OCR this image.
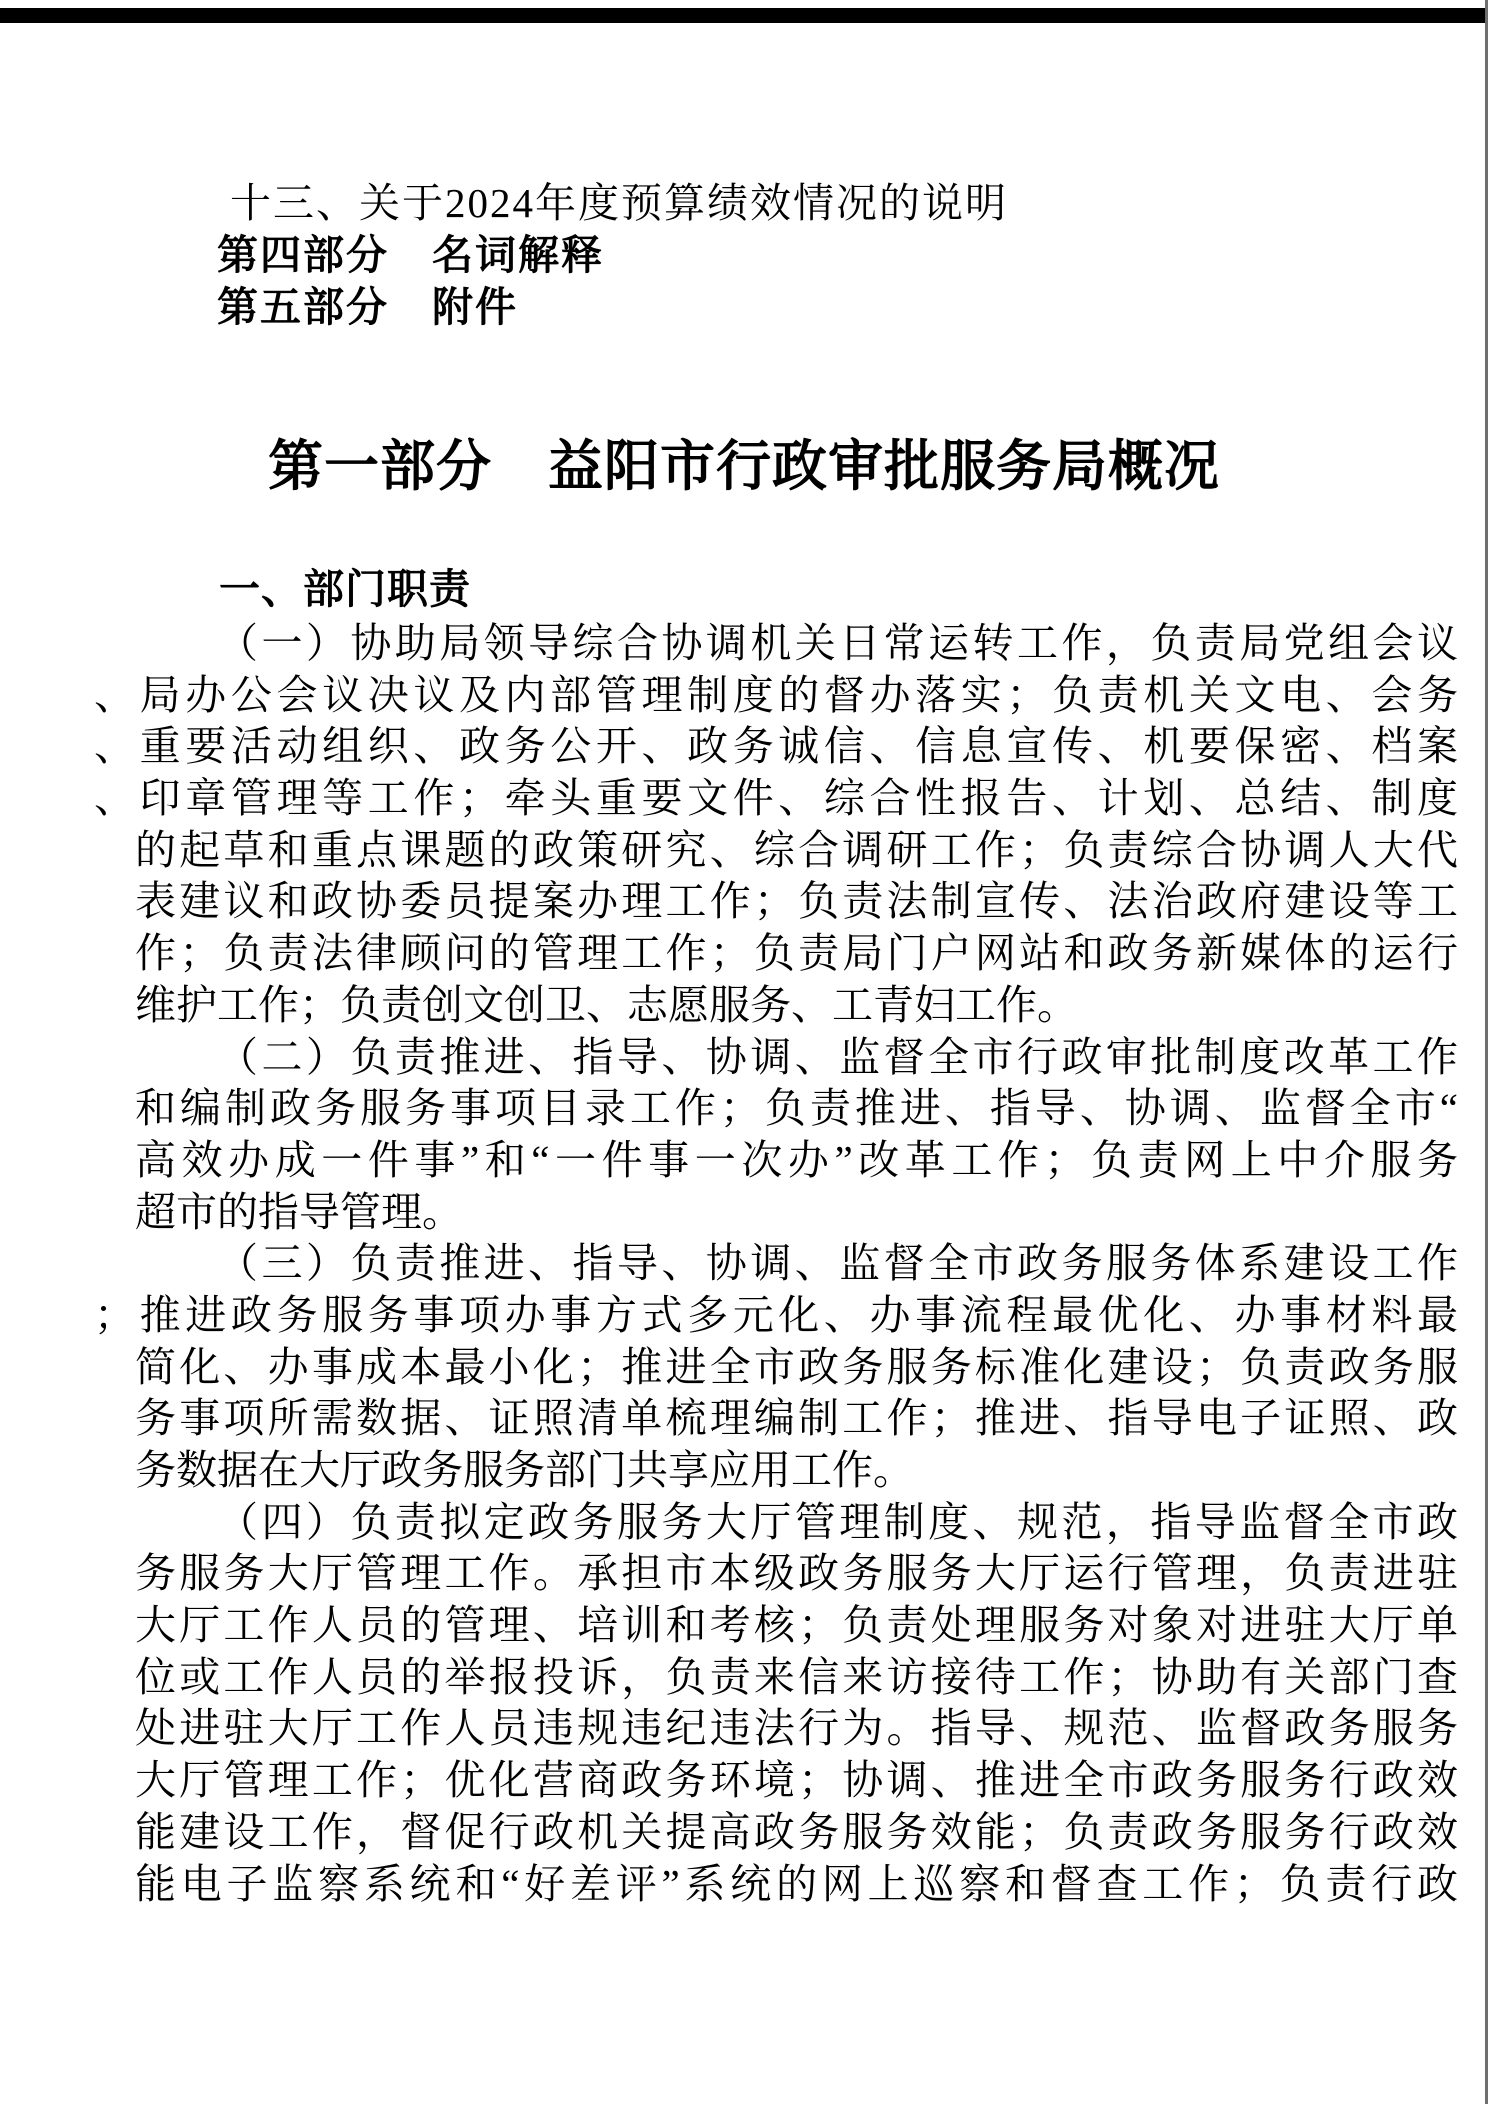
十三、关于2024年度预算绩效情况的说明
第四部分　名词解释
第五部分　附件
第一部分　益阳市行政审批服务局概况
一、部门职责
（一）协助局领导综合协调机关日常运转工作，负责局党组会议
、局办公会议决议及内部管理制度的督办落实；负责机关文电、会务
、重要活动组织、政务公开、政务诚信、信息宣传、机要保密、档案
、印章管理等工作；牵头重要文件、综合性报告、计划、总结、制度
的起草和重点课题的政策研究、综合调研工作；负责综合协调人大代
表建议和政协委员提案办理工作；负责法制宣传、法治政府建设等工
作；负责法律顾问的管理工作；负责局门户网站和政务新媒体的运行
维护工作；负责创文创卫、志愿服务、工青妇工作。
（二）负责推进、指导、协调、监督全市行政审批制度改革工作
和编制政务服务事项目录工作；负责推进、指导、协调、监督全市“
高效办成一件事”和“一件事一次办”改革工作；负责网上中介服务
超市的指导管理。
（三）负责推进、指导、协调、监督全市政务服务体系建设工作
；推进政务服务事项办事方式多元化、办事流程最优化、办事材料最
简化、办事成本最小化；推进全市政务服务标准化建设；负责政务服
务事项所需数据、证照清单梳理编制工作；推进、指导电子证照、政
务数据在大厅政务服务部门共享应用工作。
（四）负责拟定政务服务大厅管理制度、规范，指导监督全市政
务服务大厅管理工作。承担市本级政务服务大厅运行管理，负责进驻
大厅工作人员的管理、培训和考核；负责处理服务对象对进驻大厅单
位或工作人员的举报投诉，负责来信来访接待工作；协助有关部门查
处进驻大厅工作人员违规违纪违法行为。指导、规范、监督政务服务
大厅管理工作；优化营商政务环境；协调、推进全市政务服务行政效
能建设工作，督促行政机关提高政务服务效能；负责政务服务行政效
能电子监察系统和“好差评”系统的网上巡察和督查工作；负责行政
